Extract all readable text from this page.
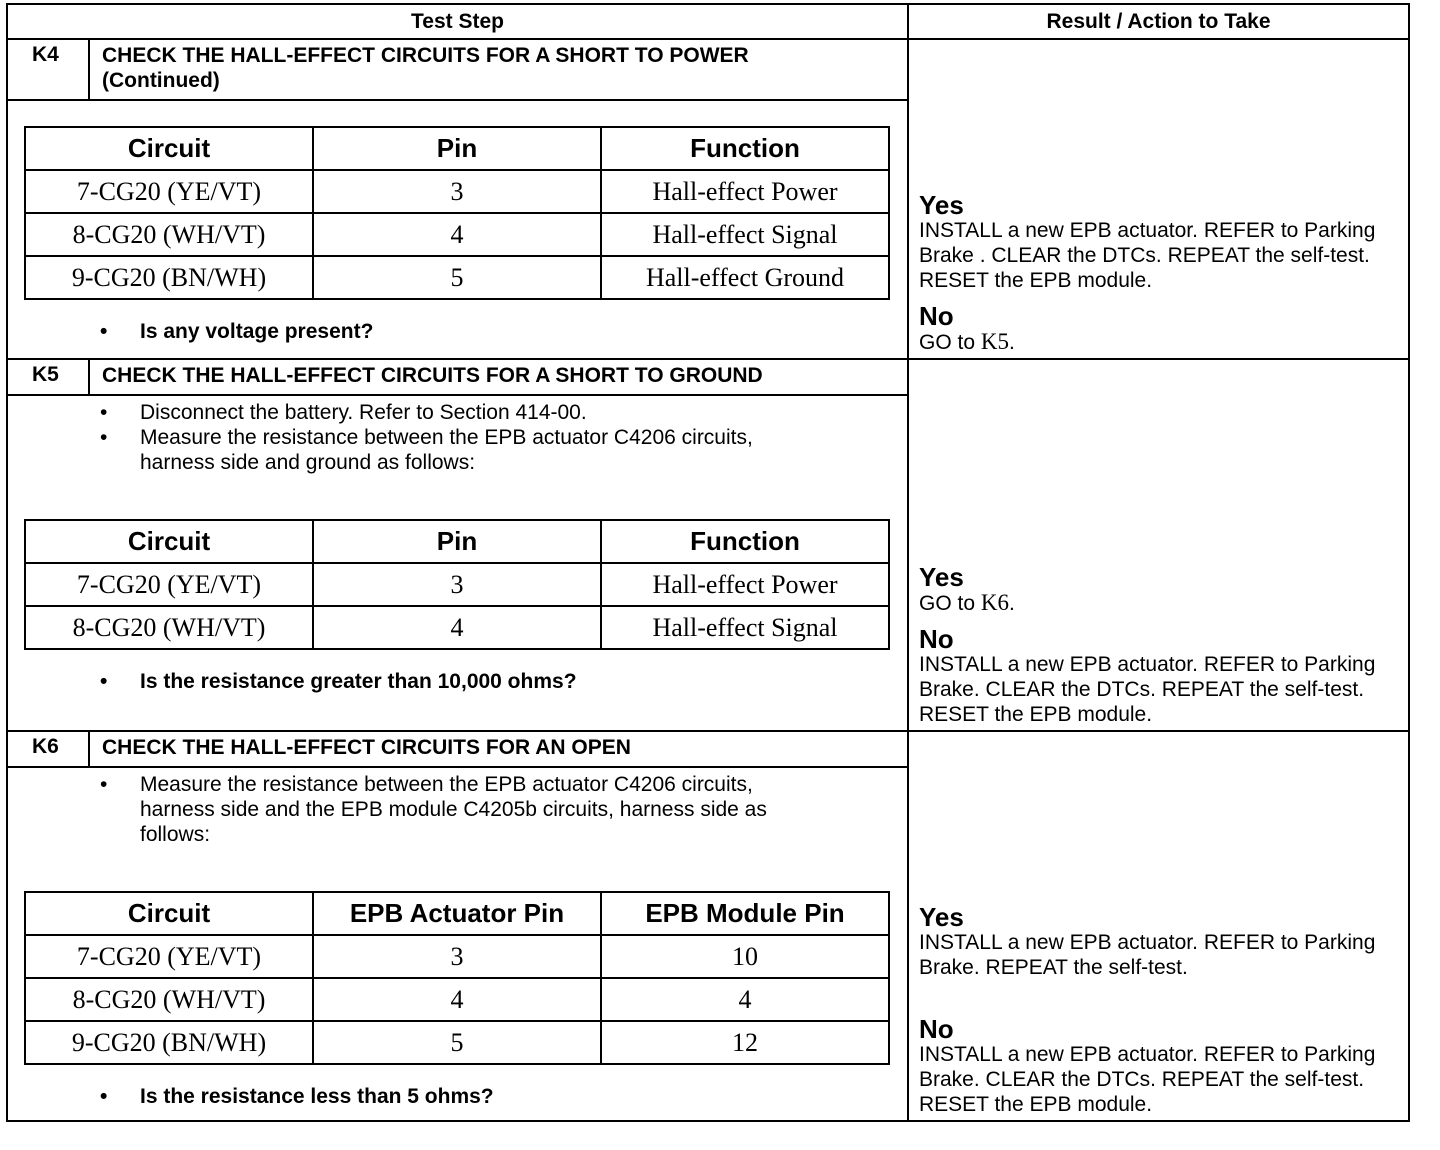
Test Step	Result / Action to Take

K4	CHECK THE HALL-EFFECT CIRCUITS FOR A SHORT TO POWER (Continued)
Circuit	Pin	Function
7-CG20 (YE/VT)	3	Hall-effect Power
8-CG20 (WH/VT)	4	Hall-effect Signal
9-CG20 (BN/WH)	5	Hall-effect Ground
• Is any voltage present?

Yes
INSTALL a new EPB actuator. REFER to Parking Brake . CLEAR the DTCs. REPEAT the self-test. RESET the EPB module.
No
GO to K5.

K5	CHECK THE HALL-EFFECT CIRCUITS FOR A SHORT TO GROUND
• Disconnect the battery. Refer to Section 414-00.
• Measure the resistance between the EPB actuator C4206 circuits, harness side and ground as follows:
Circuit	Pin	Function
7-CG20 (YE/VT)	3	Hall-effect Power
8-CG20 (WH/VT)	4	Hall-effect Signal
• Is the resistance greater than 10,000 ohms?

Yes
GO to K6.
No
INSTALL a new EPB actuator. REFER to Parking Brake. CLEAR the DTCs. REPEAT the self-test. RESET the EPB module.

K6	CHECK THE HALL-EFFECT CIRCUITS FOR AN OPEN
• Measure the resistance between the EPB actuator C4206 circuits, harness side and the EPB module C4205b circuits, harness side as follows:
Circuit	EPB Actuator Pin	EPB Module Pin
7-CG20 (YE/VT)	3	10
8-CG20 (WH/VT)	4	4
9-CG20 (BN/WH)	5	12
• Is the resistance less than 5 ohms?

Yes
INSTALL a new EPB actuator. REFER to Parking Brake. REPEAT the self-test.
No
INSTALL a new EPB actuator. REFER to Parking Brake. CLEAR the DTCs. REPEAT the self-test. RESET the EPB module.
